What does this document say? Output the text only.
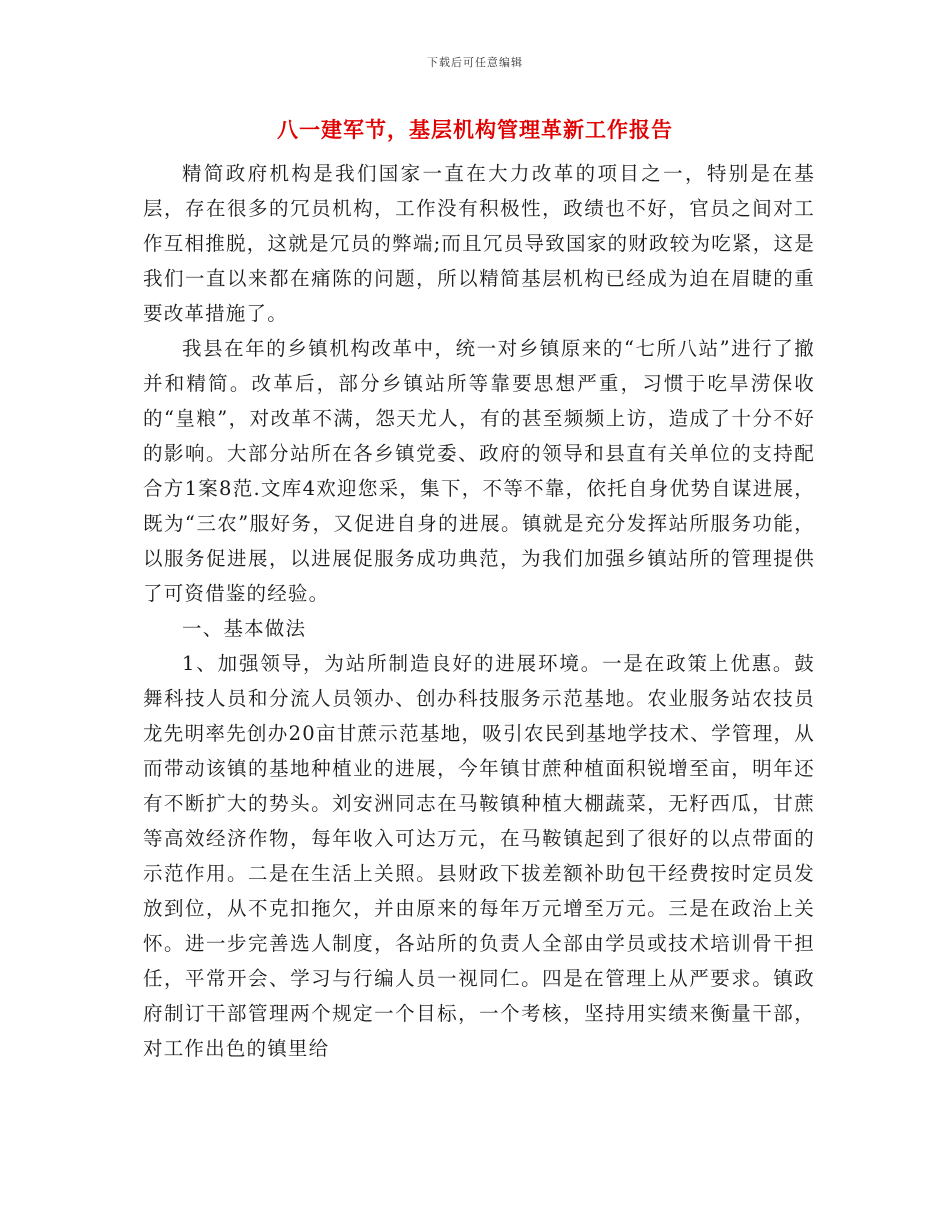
下载后可任意编辑
八一建军节，基层机构管理革新工作报告

精简政府机构是我们国家一直在大力改革的项目之一，特别是在基层，存在很多的冗员机构，工作没有积极性，政绩也不好，官员之间对工作互相推脱，这就是冗员的弊端;而且冗员导致国家的财政较为吃紧，这是我们一直以来都在痛陈的问题，所以精简基层机构已经成为迫在眉睫的重要改革措施了。

我县在年的乡镇机构改革中，统一对乡镇原来的“七所八站”进行了撤并和精简。改革后，部分乡镇站所等靠要思想严重，习惯于吃旱涝保收的“皇粮”，对改革不满，怨天尤人，有的甚至频频上访，造成了十分不好的影响。大部分站所在各乡镇党委、政府的领导和县直有关单位的支持配合方1案8范.文库4欢迎您采，集下，不等不靠，依托自身优势自谋进展，既为“三农”服好务，又促进自身的进展。镇就是充分发挥站所服务功能，以服务促进展，以进展促服务成功典范，为我们加强乡镇站所的管理提供了可资借鉴的经验。

一、基本做法

1、加强领导，为站所制造良好的进展环境。一是在政策上优惠。鼓舞科技人员和分流人员领办、创办科技服务示范基地。农业服务站农技员龙先明率先创办20亩甘蔗示范基地，吸引农民到基地学技术、学管理，从而带动该镇的基地种植业的进展，今年镇甘蔗种植面积锐增至亩，明年还有不断扩大的势头。刘安洲同志在马鞍镇种植大棚蔬菜，无籽西瓜，甘蔗等高效经济作物，每年收入可达万元，在马鞍镇起到了很好的以点带面的示范作用。二是在生活上关照。县财政下拔差额补助包干经费按时定员发放到位，从不克扣拖欠，并由原来的每年万元增至万元。三是在政治上关怀。进一步完善选人制度，各站所的负责人全部由学员或技术培训骨干担任，平常开会、学习与行编人员一视同仁。四是在管理上从严要求。镇政府制订干部管理两个规定一个目标，一个考核，坚持用实绩来衡量干部，对工作出色的镇里给
